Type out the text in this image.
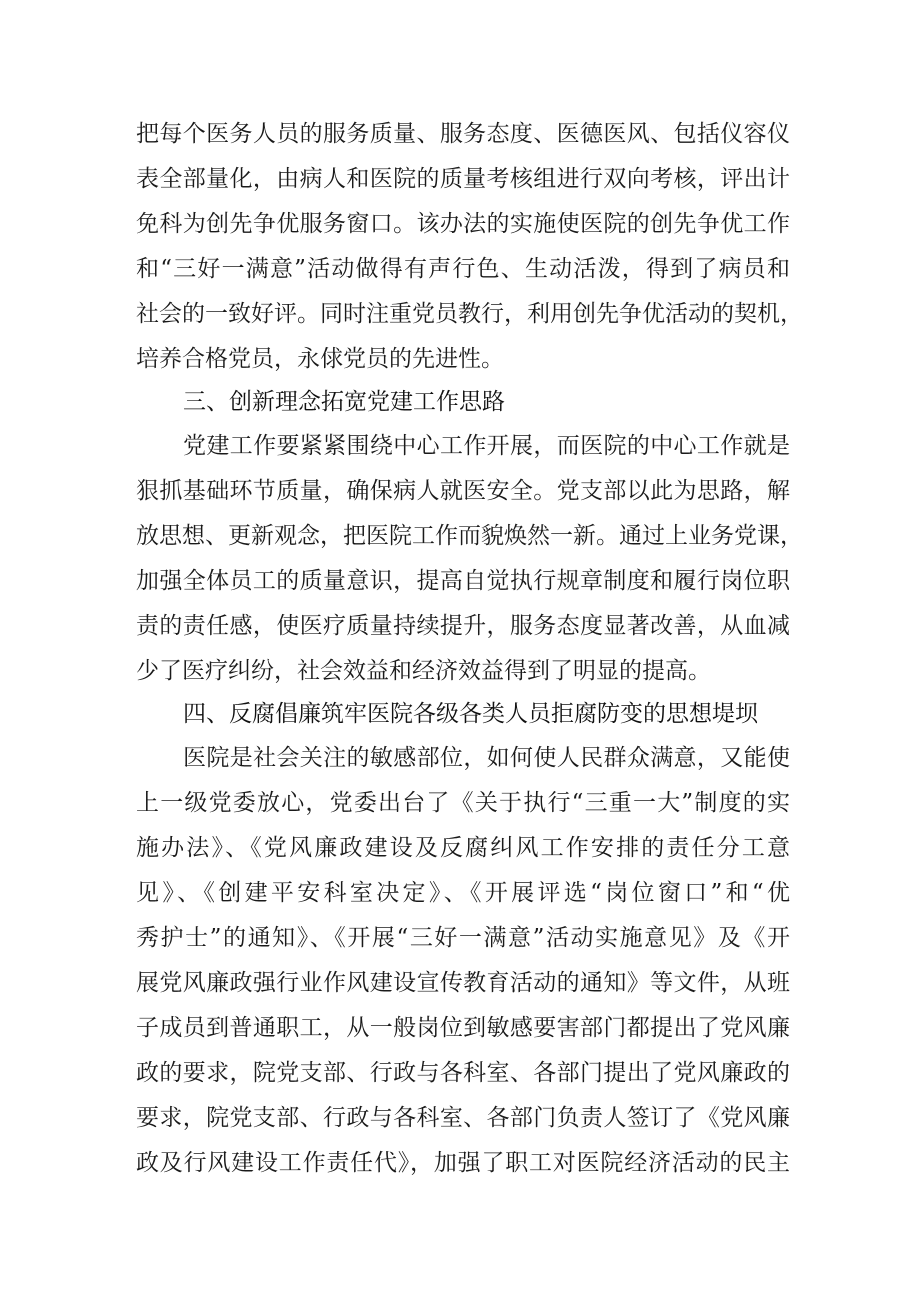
把每个医务人员的服务质量、服务态度、医德医风、包括仪容仪
表全部量化，由病人和医院的质量考核组进行双向考核，评出计
免科为创先争优服务窗口。该办法的实施使医院的创先争优工作
和“三好一满意”活动做得有声行色、生动活泼，得到了病员和
社会的一致好评。同时注重党员教行，利用创先争优活动的契机，
培养合格党员，永俅党员的先进性。
三、创新理念拓宽党建工作思路
党建工作要紧紧围绕中心工作开展，而医院的中心工作就是
狠抓基础环节质量，确保病人就医安全。党支部以此为思路，解
放思想、更新观念，把医院工作而貌焕然一新。通过上业务党课，
加强全体员工的质量意识，提高自觉执行规章制度和履行岗位职
责的责任感，使医疗质量持续提升，服务态度显著改善，从血减
少了医疗纠纷，社会效益和经济效益得到了明显的提高。
四、反腐倡廉筑牢医院各级各类人员拒腐防变的思想堤坝
医院是社会关注的敏感部位，如何使人民群众满意，又能使
上一级党委放心，党委出台了《关于执行“三重一大”制度的实
施办法》、《党风廉政建设及反腐纠风工作安排的责任分工意
见》、《创建平安科室决定》、《开展评选“岗位窗口”和“优
秀护士”的通知》、《开展“三好一满意”活动实施意见》及《开
展党风廉政强行业作风建设宣传教育活动的通知》等文件，从班
子成员到普通职工，从一般岗位到敏感要害部门都提出了党风廉
政的要求，院党支部、行政与各科室、各部门提出了党风廉政的
要求，院党支部、行政与各科室、各部门负责人签订了《党风廉
政及行风建设工作责任代》，加强了职工对医院经济活动的民主
